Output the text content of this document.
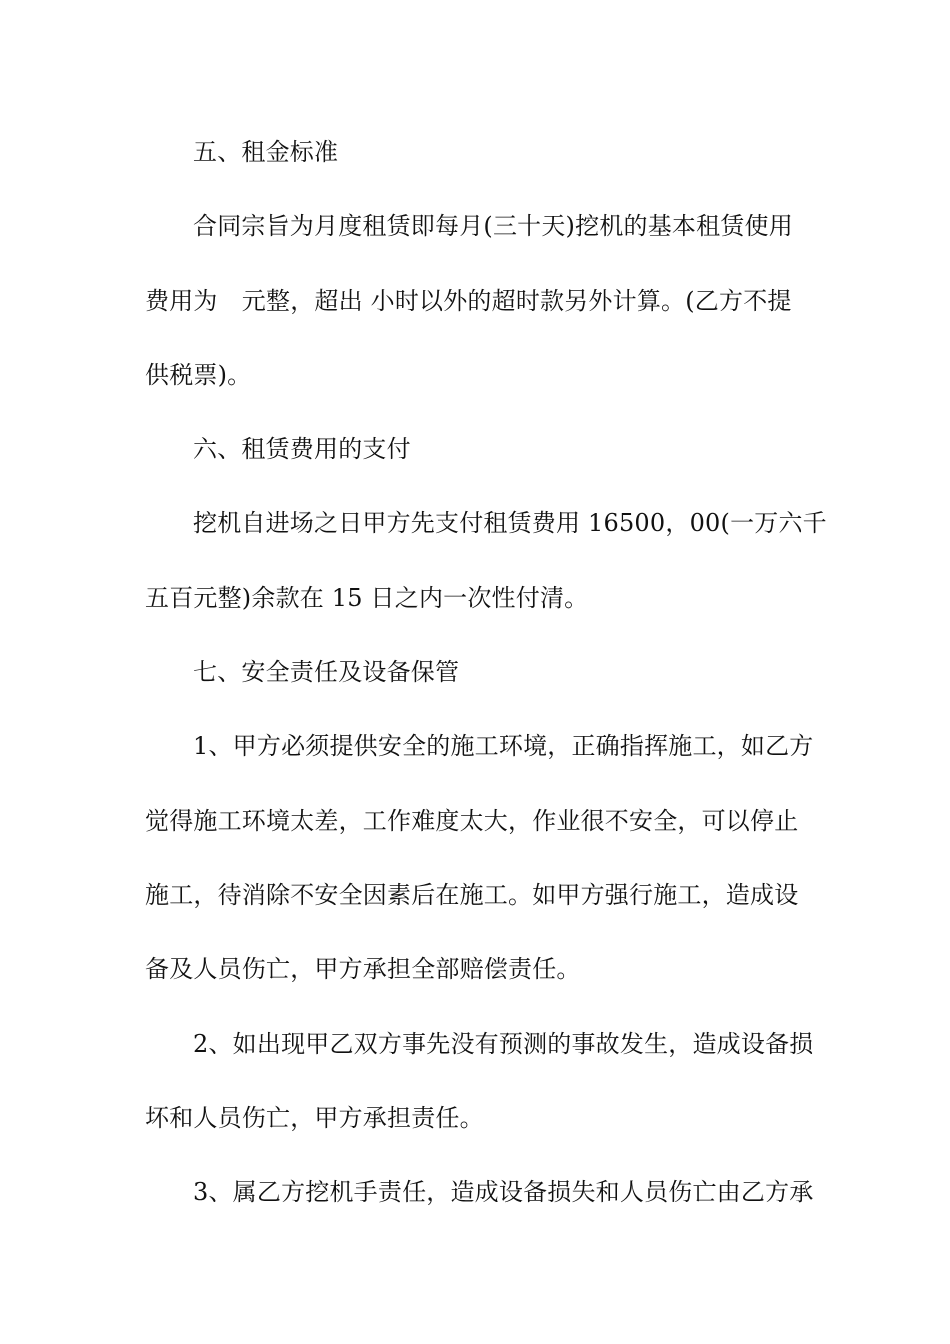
五、租金标准
合同宗旨为月度租赁即每月(三十天)挖机的基本租赁使用
费用为　元整，超出 小时以外的超时款另外计算。(乙方不提
供税票)。
六、租赁费用的支付
挖机自进场之日甲方先支付租赁费用 16500，00(一万六千
五百元整)余款在 15 日之内一次性付清。
七、安全责任及设备保管
1、甲方必须提供安全的施工环境，正确指挥施工，如乙方
觉得施工环境太差，工作难度太大，作业很不安全，可以停止
施工，待消除不安全因素后在施工。如甲方强行施工，造成设
备及人员伤亡，甲方承担全部赔偿责任。
2、如出现甲乙双方事先没有预测的事故发生，造成设备损
坏和人员伤亡，甲方承担责任。
3、属乙方挖机手责任，造成设备损失和人员伤亡由乙方承
